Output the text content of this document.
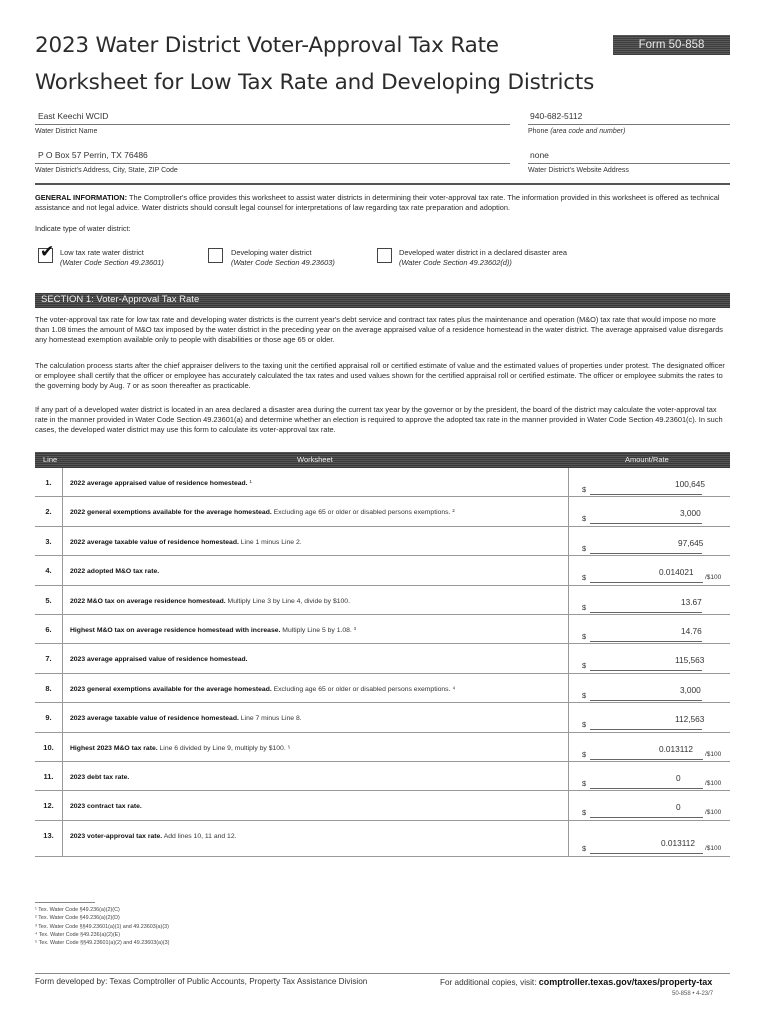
2023 Water District Voter-Approval Tax Rate
Worksheet for Low Tax Rate and Developing Districts
Form 50-858
East Keechi WCID
Water District Name
940-682-5112
Phone (area code and number)
P O Box 57 Perrin, TX 76486
Water District's Address, City, State, ZIP Code
none
Water District's Website Address
GENERAL INFORMATION: The Comptroller's office provides this worksheet to assist water districts in determining their voter-approval tax rate. The information provided in this worksheet is offered as technical assistance and not legal advice. Water districts should consult legal counsel for interpretations of law regarding tax rate preparation and adoption.
Indicate type of water district:
✔ Low tax rate water district
(Water Code Section 49.23601)
Developing water district
(Water Code Section 49.23603)
Developed water district in a declared disaster area
(Water Code Section 49.23602(d))
SECTION 1: Voter-Approval Tax Rate
The voter-approval tax rate for low tax rate and developing water districts is the current year's debt service and contract tax rates plus the maintenance and operation (M&O) tax rate that would impose no more than 1.08 times the amount of M&O tax imposed by the water district in the preceding year on the average appraised value of a residence homestead in the water district. The average appraised value disregards any homestead exemption available only to people with disabilities or those age 65 or older.
The calculation process starts after the chief appraiser delivers to the taxing unit the certified appraisal roll or certified estimate of value and the estimated values of properties under protest. The designated officer or employee shall certify that the officer or employee has accurately calculated the tax rates and used values shown for the certified appraisal roll or certified estimate. The officer or employee submits the rates to the governing body by Aug. 7 or as soon thereafter as practicable.
If any part of a developed water district is located in an area declared a disaster area during the current tax year by the governor or by the president, the board of the district may calculate the voter-approval tax rate in the manner provided in Water Code Section 49.23601(a) and determine whether an election is required to approve the adopted tax rate in the manner provided in Water Code Section 49.23601(c). In such cases, the developed water district may use this form to calculate its voter-approval tax rate.
Line	Worksheet	Amount/Rate
1.	2022 average appraised value of residence homestead. ¹
$
100,645
2.	2022 general exemptions available for the average homestead. Excluding age 65 or older or disabled persons exemptions. ²
$
3,000
3.	2022 average taxable value of residence homestead. Line 1 minus Line 2.
$
97,645
4.	2022 adopted M&O tax rate.
$
0.014021
/$100
5.	2022 M&O tax on average residence homestead. Multiply Line 3 by Line 4, divide by $100.
$
13.67
6.	Highest M&O tax on average residence homestead with increase. Multiply Line 5 by 1.08. ³
$
14.76
7.	2023 average appraised value of residence homestead.
$
115,563
8.	2023 general exemptions available for the average homestead. Excluding age 65 or older or disabled persons exemptions. ⁴
$
3,000
9.	2023 average taxable value of residence homestead. Line 7 minus Line 8.
$
112,563
10.	Highest 2023 M&O tax rate. Line 6 divided by Line 9, multiply by $100. ⁵
$
0.013112
/$100
11.	2023 debt tax rate.
$
0
/$100
12.	2023 contract tax rate.
$
0
/$100
13.	2023 voter-approval tax rate. Add lines 10, 11 and 12.
$
0.013112
/$100
¹ Tex. Water Code §49.236(a)(2)(C)
² Tex. Water Code §49.236(a)(2)(D)
³ Tex. Water Code §§49.23601(a)(1) and 49.23603(a)(3)
⁴ Tex. Water Code §49.236(a)(2)(E)
⁵ Tex. Water Code §§49.23601(a)(2) and 49.23603(a)(3)
Form developed by: Texas Comptroller of Public Accounts, Property Tax Assistance Division	For additional copies, visit: comptroller.texas.gov/taxes/property-tax
50-858 • 4-23/7
